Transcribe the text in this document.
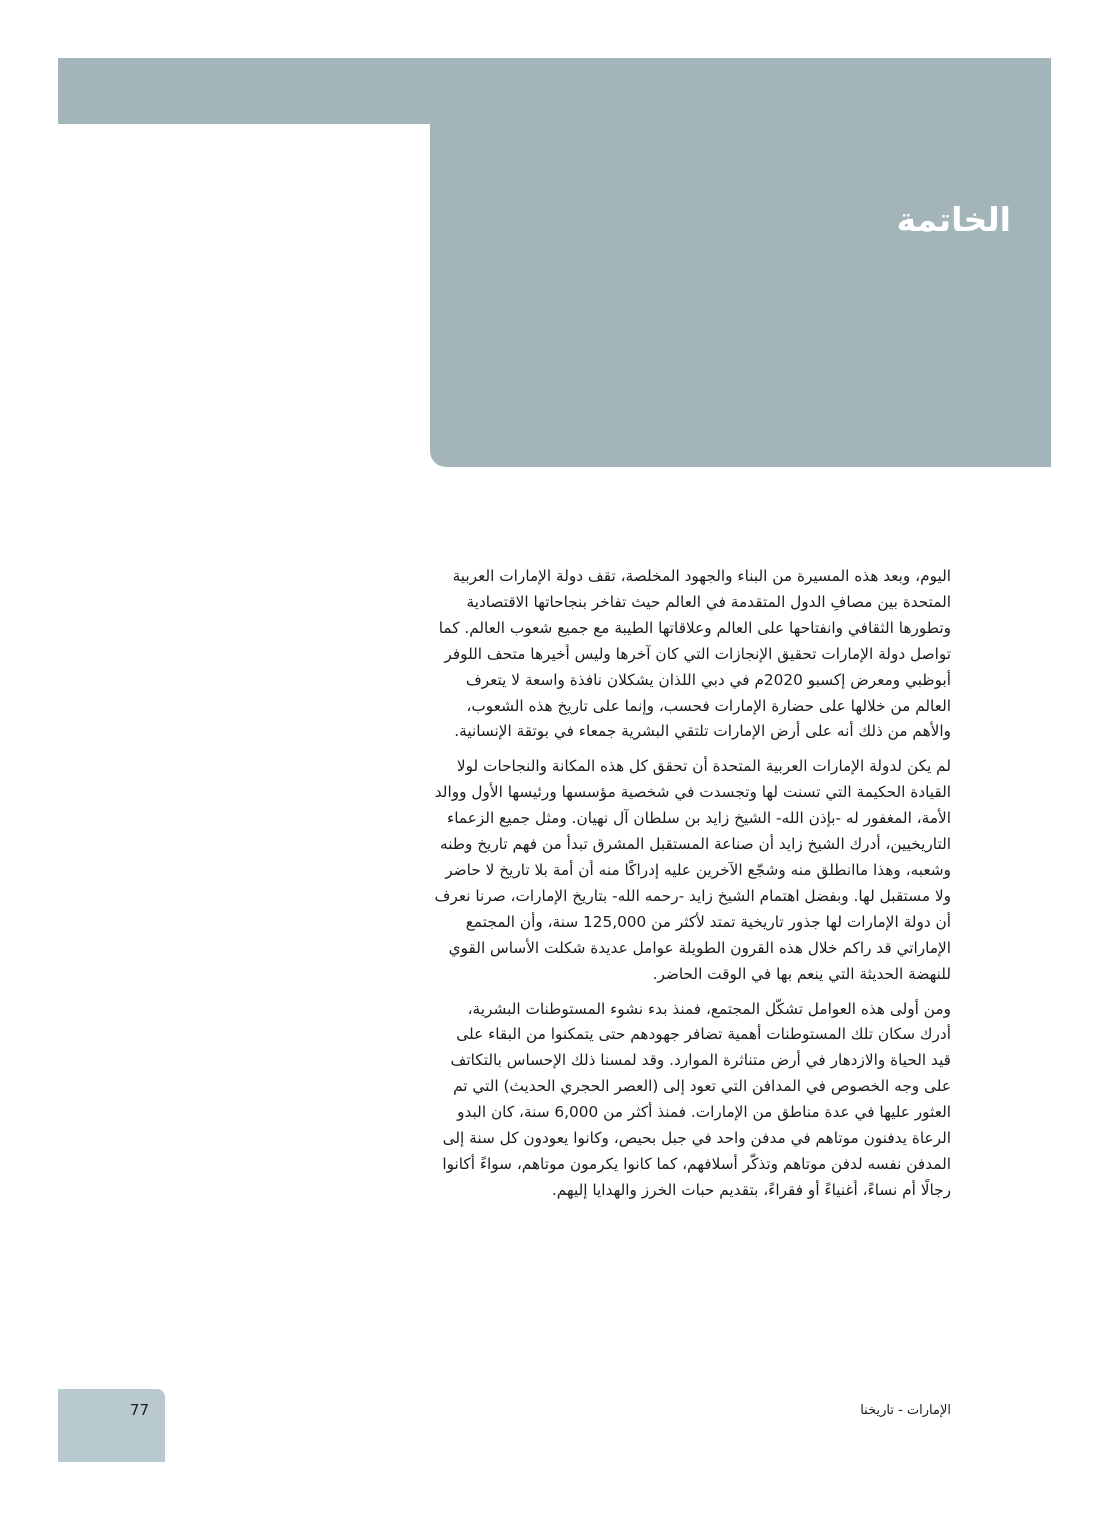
الخاتمة

اليوم، وبعد هذه المسيرة من البناء والجهود المخلصة، تقف دولة الإمارات العربية المتحدة بين مصافِ الدول المتقدمة في العالم حيث تفاخر بنجاحاتها الاقتصادية وتطورها الثقافي وانفتاحها على العالم وعلاقاتها الطيبة مع جميع شعوب العالم. كما تواصل دولة الإمارات تحقيق الإنجازات التي كان آخرها وليس أخيرها متحف اللوفر أبوظبي ومعرض إكسبو 2020م في دبي اللذان يشكلان نافذة واسعة لا يتعرف العالم من خلالها على حضارة الإمارات فحسب، وإنما على تاريخ هذه الشعوب، والأهم من ذلك أنه على أرض الإمارات تلتقي البشرية جمعاء في بوتقة الإنسانية.

لم يكن لدولة الإمارات العربية المتحدة أن تحقق كل هذه المكانة والنجاحات لولا القيادة الحكيمة التي تسنت لها وتجسدت في شخصية مؤسسها ورئيسها الأول ووالد الأمة، المغفور له -بإذن الله- الشيخ زايد بن سلطان آل نهيان. ومثل جميع الزعماء التاريخيين، أدرك الشيخ زايد أن صناعة المستقبل المشرق تبدأ من فهم تاريخ وطنه وشعبه، وهذا ماانطلق منه وشجّع الآخرين عليه إدراكًا منه أن أمة بلا تاريخ لا حاضر ولا مستقبل لها. وبفضل اهتمام الشيخ زايد -رحمه الله- بتاريخ الإمارات، صرنا نعرف أن دولة الإمارات لها جذور تاريخية تمتد لأكثر من 125,000 سنة، وأن المجتمع الإماراتي قد راكم خلال هذه القرون الطويلة عوامل عديدة شكلت الأساس القوي للنهضة الحديثة التي ينعم بها في الوقت الحاضر.

ومن أولى هذه العوامل تشكّل المجتمع، فمنذ بدء نشوء المستوطنات البشرية، أدرك سكان تلك المستوطنات أهمية تضافر جهودهم حتى يتمكنوا من البقاء على قيد الحياة والازدهار في أرض متناثرة الموارد. وقد لمسنا ذلك الإحساس بالتكاتف على وجه الخصوص في المدافن التي تعود إلى (العصر الحجري الحديث) التي تم العثور عليها في عدة مناطق من الإمارات. فمنذ أكثر من 6,000 سنة، كان البدو الرعاة يدفنون موتاهم في مدفن واحد في جبل بحيص، وكانوا يعودون كل سنة إلى المدفن نفسه لدفن موتاهم وتذكّر أسلافهم، كما كانوا يكرمون موتاهم، سواءً أكانوا رجالًا أم نساءً، أغنياءً أو فقراءً، بتقديم حبات الخرز والهدايا إليهم.

77	الإمارات - تاريخنا
